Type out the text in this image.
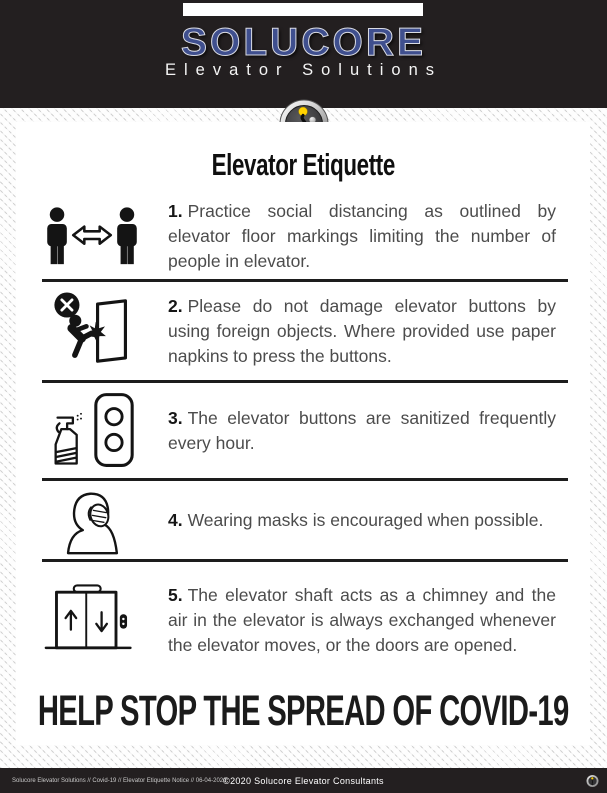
SOLUCORE
Elevator Solutions
Elevator Etiquette

1. Practice social distancing as outlined by elevator floor markings limiting the number of people in elevator.

2. Please do not damage elevator buttons by using foreign objects. Where provided use paper napkins to press the buttons.

3. The elevator buttons are sanitized frequently every hour.

4. Wearing masks is encouraged when possible.

5. The elevator shaft acts as a chimney and the air in the elevator is always exchanged whenever the elevator moves, or the doors are opened.

HELP STOP THE SPREAD OF COVID-19
Solucore Elevator Solutions // Covid-19 // Elevator Etiquette Notice // 06-04-2020
©2020 Solucore Elevator Consultants
